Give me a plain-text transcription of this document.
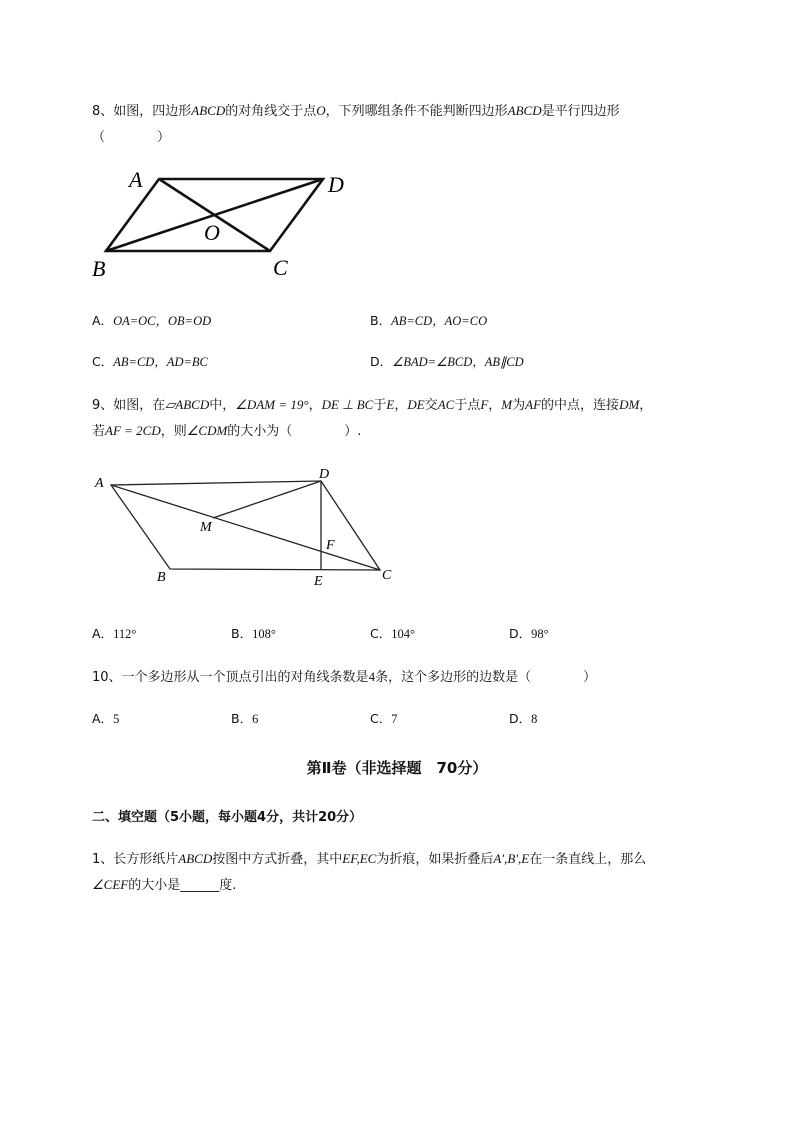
8、如图，四边形ABCD的对角线交于点O，下列哪组条件不能判断四边形ABCD是平行四边形
（　　　　）
A	D
O
B	C
A．OA=OC，OB=OD	B．AB=CD，AO=CO
C．AB=CD，AD=BC	D．∠BAD=∠BCD，AB∥CD
9、如图，在▱ABCD中，∠DAM = 19°，DE ⊥ BC于E，DE交AC于点F，M为AF的中点，连接DM，
若AF = 2CD，则∠CDM的大小为（　　　　）.
A
D
M
F
B	E	C
A．112°	B．108°	C．104°	D．98°
10、一个多边形从一个顶点引出的对角线条数是4条，这个多边形的边数是（　　　　）
A．5	B．6	C．7	D．8
第Ⅱ卷（非选择题　70分）
二、填空题（5小题，每小题4分，共计20分）
1、长方形纸片ABCD按图中方式折叠，其中EF,EC为折痕，如果折叠后A',B',E在一条直线上，那么
∠CEF的大小是______度.
